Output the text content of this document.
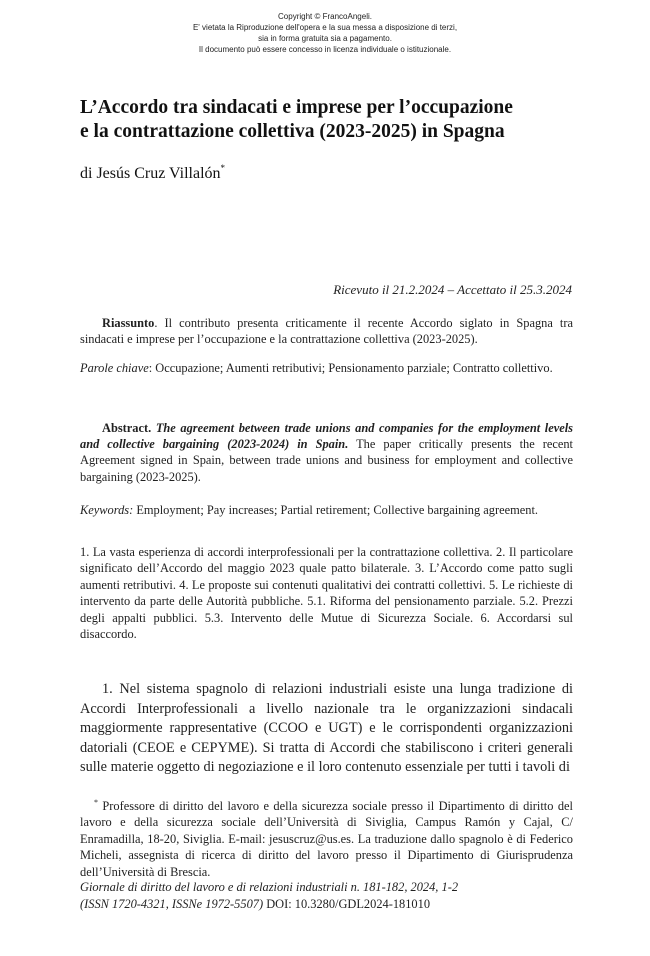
Copyright © FrancoAngeli.
E' vietata la Riproduzione dell'opera e la sua messa a disposizione di terzi,
sia in forma gratuita sia a pagamento.
Il documento può essere concesso in licenza individuale o istituzionale.
L’Accordo tra sindacati e imprese per l’occupazione
e la contrattazione collettiva (2023-2025) in Spagna
di Jesús Cruz Villalón*
Ricevuto il 21.2.2024 – Accettato il 25.3.2024
Riassunto. Il contributo presenta criticamente il recente Accordo siglato in Spagna tra sindacati e imprese per l’occupazione e la contrattazione collettiva (2023-2025).
Parole chiave: Occupazione; Aumenti retributivi; Pensionamento parziale; Contratto collettivo.
Abstract. The agreement between trade unions and companies for the employment levels and collective bargaining (2023-2024) in Spain. The paper critically presents the recent Agreement signed in Spain, between trade unions and business for employment and collective bargaining (2023-2025).
Keywords: Employment; Pay increases; Partial retirement; Collective bargaining agreement.
1. La vasta esperienza di accordi interprofessionali per la contrattazione collettiva. 2. Il particolare significato dell’Accordo del maggio 2023 quale patto bilaterale. 3. L’Accordo come patto sugli aumenti retributivi. 4. Le proposte sui contenuti qualitativi dei contratti collettivi. 5. Le richieste di intervento da parte delle Autorità pubbliche. 5.1. Riforma del pensionamento parziale. 5.2. Prezzi degli appalti pubblici. 5.3. Intervento delle Mutue di Sicurezza Sociale. 6. Accordarsi sul disaccordo.
1. Nel sistema spagnolo di relazioni industriali esiste una lunga tradizione di Accordi Interprofessionali a livello nazionale tra le organizzazioni sindacali maggiormente rappresentative (CCOO e UGT) e le corrispondenti organizzazioni datoriali (CEOE e CEPYME). Si tratta di Accordi che stabiliscono i criteri generali sulle materie oggetto di negoziazione e il loro contenuto essenziale per tutti i tavoli di
* Professore di diritto del lavoro e della sicurezza sociale presso il Dipartimento di diritto del lavoro e della sicurezza sociale dell’Università di Siviglia, Campus Ramón y Cajal, C/ Enramadilla, 18-20, Siviglia. E-mail: jesuscruz@us.es. La traduzione dallo spagnolo è di Federico Micheli, assegnista di ricerca di diritto del lavoro presso il Dipartimento di Giurisprudenza dell’Università di Brescia.
Giornale di diritto del lavoro e di relazioni industriali n. 181-182, 2024, 1-2
(ISSN 1720-4321, ISSNe 1972-5507) DOI: 10.3280/GDL2024-181010
